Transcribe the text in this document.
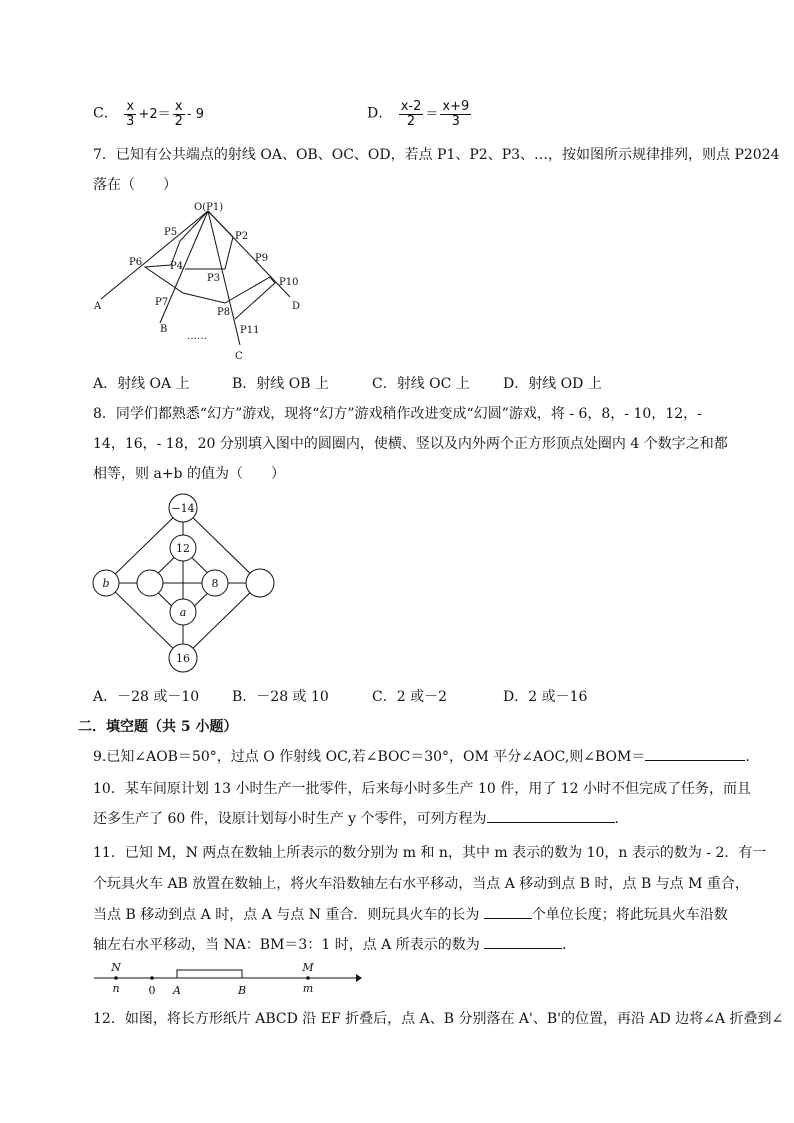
C． $\frac{x}{3} +2= \frac{x}{2} - 9$	D． $\frac{x-2}{2} = \frac{x+9}{3}$
7．已知有公共端点的射线 OA、OB、OC、OD，若点 P1、P2、P3、…，按如图所示规律排列，则点 P2024
落在（　　）
O(P1)
P5	P2
P9
P6	P4
P3	P10
D
A	P7
P8
B	P11
C
……
A．射线 OA 上	B．射线 OB 上	C．射线 OC 上	D．射线 OD 上
8．同学们都熟悉“幻方”游戏，现将“幻方”游戏稍作改进变成“幻圆”游戏，将 - 6，8，- 10，12，-
14，16，- 18，20 分别填入图中的圆圈内，使横、竖以及内外两个正方形顶点处圈内 4 个数字之和都
相等，则 a+b 的值为（　　）
−14
12
b	8
a
16
A．－28 或－10	B．－28 或 10	C．2 或－2	D．2 或－16
二．填空题（共 5 小题）
9.已知∠AOB＝50°，过点 O 作射线 OC,若∠BOC＝30°，OM 平分∠AOC,则∠BOM＝	.
10．某车间原计划 13 小时生产一批零件，后来每小时多生产 10 件，用了 12 小时不但完成了任务，而且
还多生产了 60 件，设原计划每小时生产 y 个零件，可列方程为	.
11．已知 M，N 两点在数轴上所表示的数分别为 m 和 n，其中 m 表示的数为 10，n 表示的数为 - 2．有一
个玩具火车 AB 放置在数轴上，将火车沿数轴左右水平移动，当点 A 移动到点 B 时，点 B 与点 M 重合，
当点 B 移动到点 A 时，点 A 与点 N 重合．则玩具火车的长为	个单位长度；将此玩具火车沿数
轴左右水平移动，当 NA：BM＝3：1 时，点 A 所表示的数为	．
N
n	0 A	B
M
m
12．如图，将长方形纸片 ABCD 沿 EF 折叠后，点 A、B 分别落在 A'、B'的位置，再沿 AD 边将∠A 折叠到∠
